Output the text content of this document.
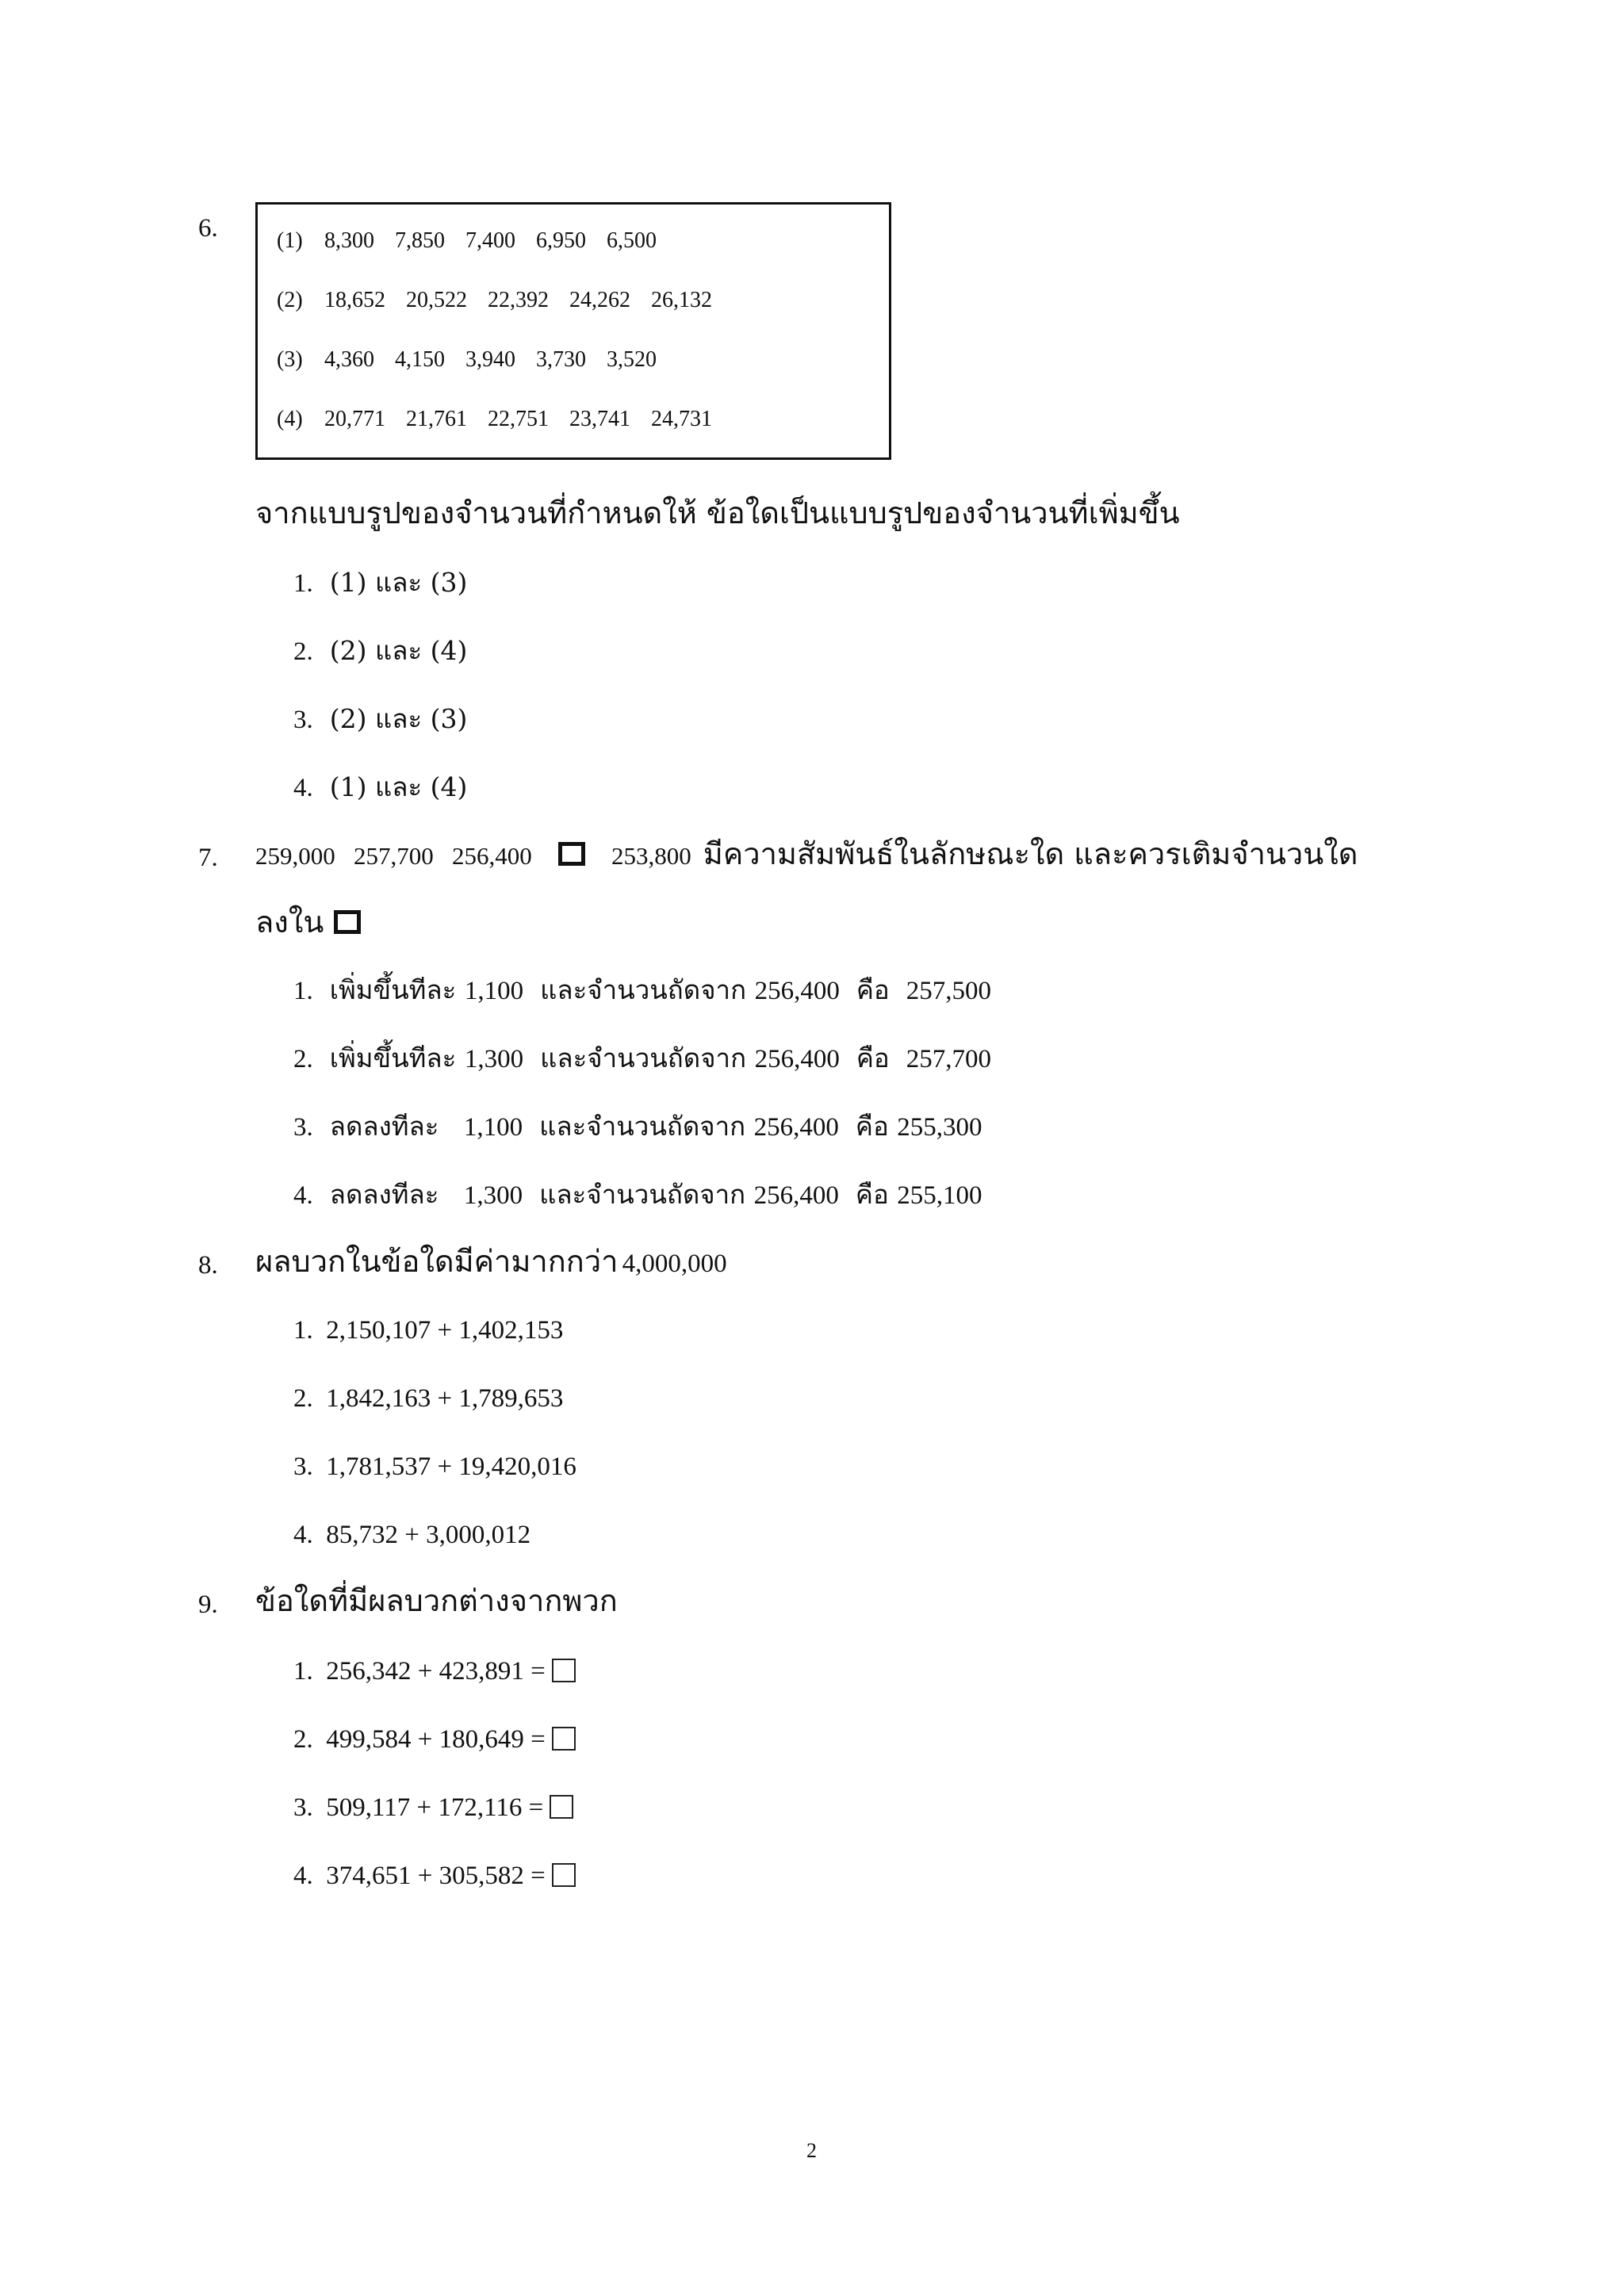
6.	(1) 8,300 7,850 7,400 6,950 6,500
(2) 18,652 20,522 22,392 24,262 26,132
(3) 4,360 4,150 3,940 3,730 3,520
(4) 20,771 21,761 22,751 23,741 24,731
จากแบบรูปของจำนวนที่กำหนดให้ ข้อใดเป็นแบบรูปของจำนวนที่เพิ่มขึ้น
1. (1) และ (3)
2. (2) และ (4)
3. (2) และ (3)
4. (1) และ (4)
7. 259,000   257,700   256,400	253,800 มีความสัมพันธ์ในลักษณะใด และควรเติมจำนวนใด
ลงใน
1. เพิ่มขึ้นทีละ 1,100 และจำนวนถัดจาก 256,400 คือ 257,500
2. เพิ่มขึ้นทีละ 1,300 และจำนวนถัดจาก 256,400 คือ 257,700
3. ลดลงทีละ 1,100 และจำนวนถัดจาก 256,400 คือ 255,300
4. ลดลงทีละ 1,300 และจำนวนถัดจาก 256,400 คือ 255,100
8. ผลบวกในข้อใดมีค่ามากกว่า 4,000,000
1. 2,150,107 + 1,402,153
2. 1,842,163 + 1,789,653
3. 1,781,537 + 19,420,016
4. 85,732 + 3,000,012
9. ข้อใดที่มีผลบวกต่างจากพวก
1. 256,342 + 423,891 =
2. 499,584 + 180,649 =
3. 509,117 + 172,116 =
4. 374,651 + 305,582 =
2
